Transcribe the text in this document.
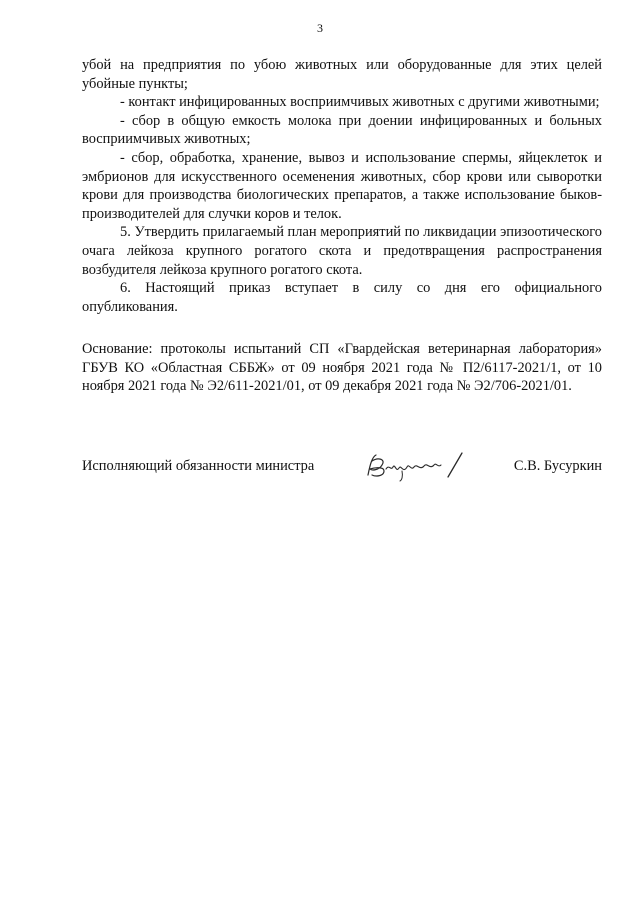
3

убой на предприятия по убою животных или оборудованные для этих целей убойные пункты;

- контакт инфицированных восприимчивых животных с другими животными;

- сбор в общую емкость молока при доении инфицированных и больных восприимчивых животных;

- сбор, обработка, хранение, вывоз и использование спермы, яйцеклеток и эмбрионов для искусственного осеменения животных, сбор крови или сыворотки крови для производства биологических препаратов, а также использование быков-производителей для случки коров и телок.

5. Утвердить прилагаемый план мероприятий по ликвидации эпизоотического очага лейкоза крупного рогатого скота и предотвращения распространения возбудителя лейкоза крупного рогатого скота.

6. Настоящий приказ вступает в силу со дня его официального опубликования.

Основание: протоколы испытаний СП «Гвардейская ветеринарная лаборатория» ГБУВ КО «Областная СББЖ» от 09 ноября 2021 года № П2/6117-2021/1, от 10 ноября 2021 года № Э2/611-2021/01, от 09 декабря 2021 года № Э2/706-2021/01.

Исполняющий обязанности министра	С.В. Бусуркин
